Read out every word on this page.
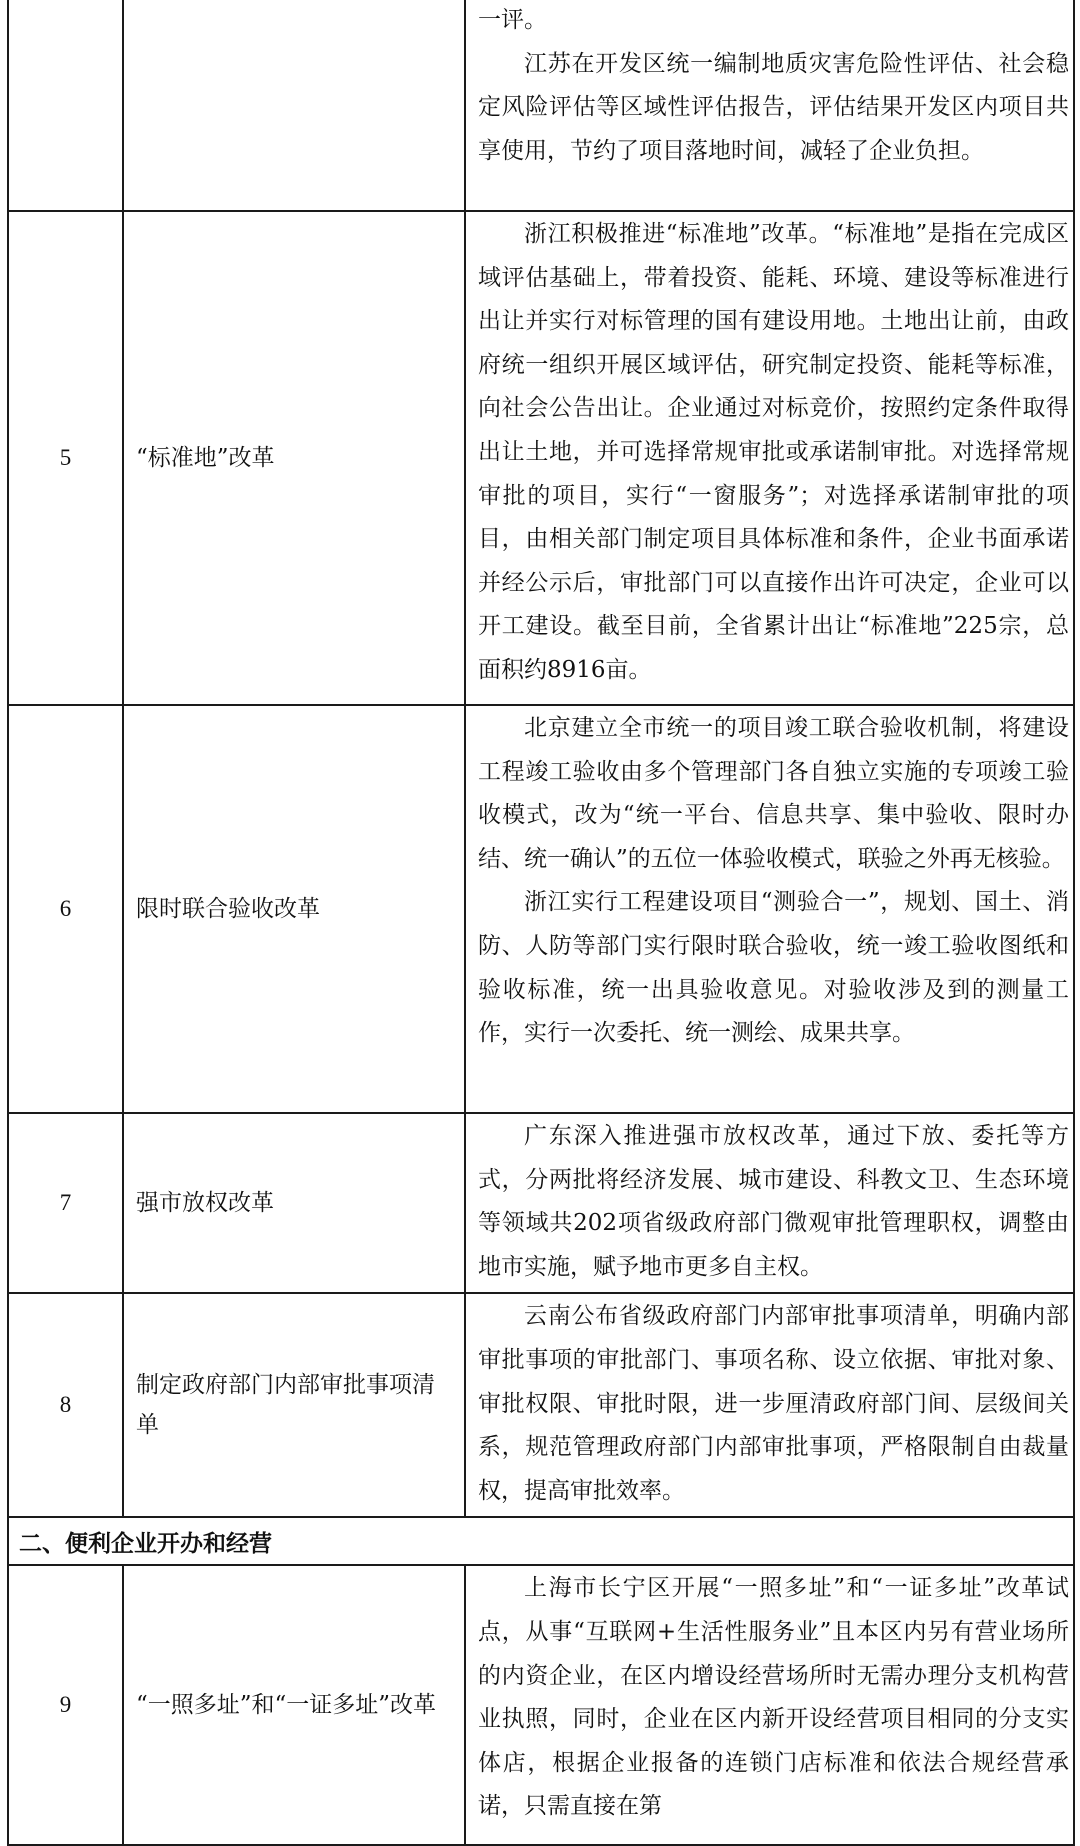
		一评。

江苏在开发区统一编制地质灾害危险性评估、社会稳定风险评估等区域性评估报告，评估结果开发区内项目共享使用，节约了项目落地时间，减轻了企业负担。

5	“标准地”改革	浙江积极推进“标准地”改革。“标准地”是指在完成区域评估基础上，带着投资、能耗、环境、建设等标准进行出让并实行对标管理的国有建设用地。土地出让前，由政府统一组织开展区域评估，研究制定投资、能耗等标准，向社会公告出让。企业通过对标竞价，按照约定条件取得出让土地，并可选择常规审批或承诺制审批。对选择常规审批的项目，实行“一窗服务”；对选择承诺制审批的项目，由相关部门制定项目具体标准和条件，企业书面承诺并经公示后，审批部门可以直接作出许可决定，企业可以开工建设。截至目前，全省累计出让“标准地”225宗，总面积约8916亩。

6	限时联合验收改革	北京建立全市统一的项目竣工联合验收机制，将建设工程竣工验收由多个管理部门各自独立实施的专项竣工验收模式，改为“统一平台、信息共享、集中验收、限时办结、统一确认”的五位一体验收模式，联验之外再无核验。

浙江实行工程建设项目“测验合一”，规划、国土、消防、人防等部门实行限时联合验收，统一竣工验收图纸和验收标准，统一出具验收意见。对验收涉及到的测量工作，实行一次委托、统一测绘、成果共享。

7	强市放权改革	广东深入推进强市放权改革，通过下放、委托等方式，分两批将经济发展、城市建设、科教文卫、生态环境等领域共202项省级政府部门微观审批管理职权，调整由地市实施，赋予地市更多自主权。

8	制定政府部门内部审批事项清单	云南公布省级政府部门内部审批事项清单，明确内部审批事项的审批部门、事项名称、设立依据、审批对象、审批权限、审批时限，进一步厘清政府部门间、层级间关系，规范管理政府部门内部审批事项，严格限制自由裁量权，提高审批效率。

二、便利企业开办和经营		
9	“一照多址”和“一证多址”改革	上海市长宁区开展“一照多址”和“一证多址”改革试点，从事“互联网+生活性服务业”且本区内另有营业场所的内资企业，在区内增设经营场所时无需办理分支机构营业执照，同时，企业在区内新开设经营项目相同的分支实体店，根据企业报备的连锁门店标准和依法合规经营承诺，只需直接在第
